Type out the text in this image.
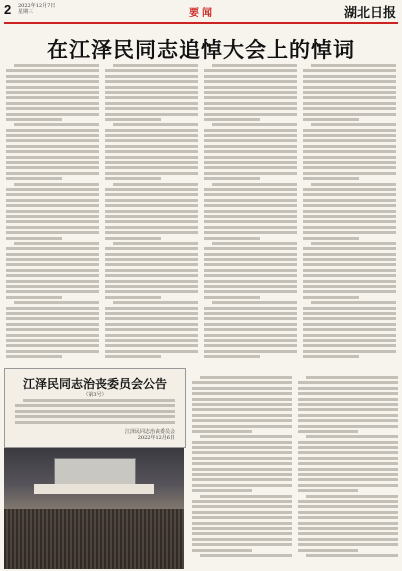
2 2022年12月7日
星期三	要闻	湖北日报
在江泽民同志追悼大会上的悼词
江泽民同志治丧委员会公告
（第3号）
江泽民同志治丧委员会
2022年12月6日
